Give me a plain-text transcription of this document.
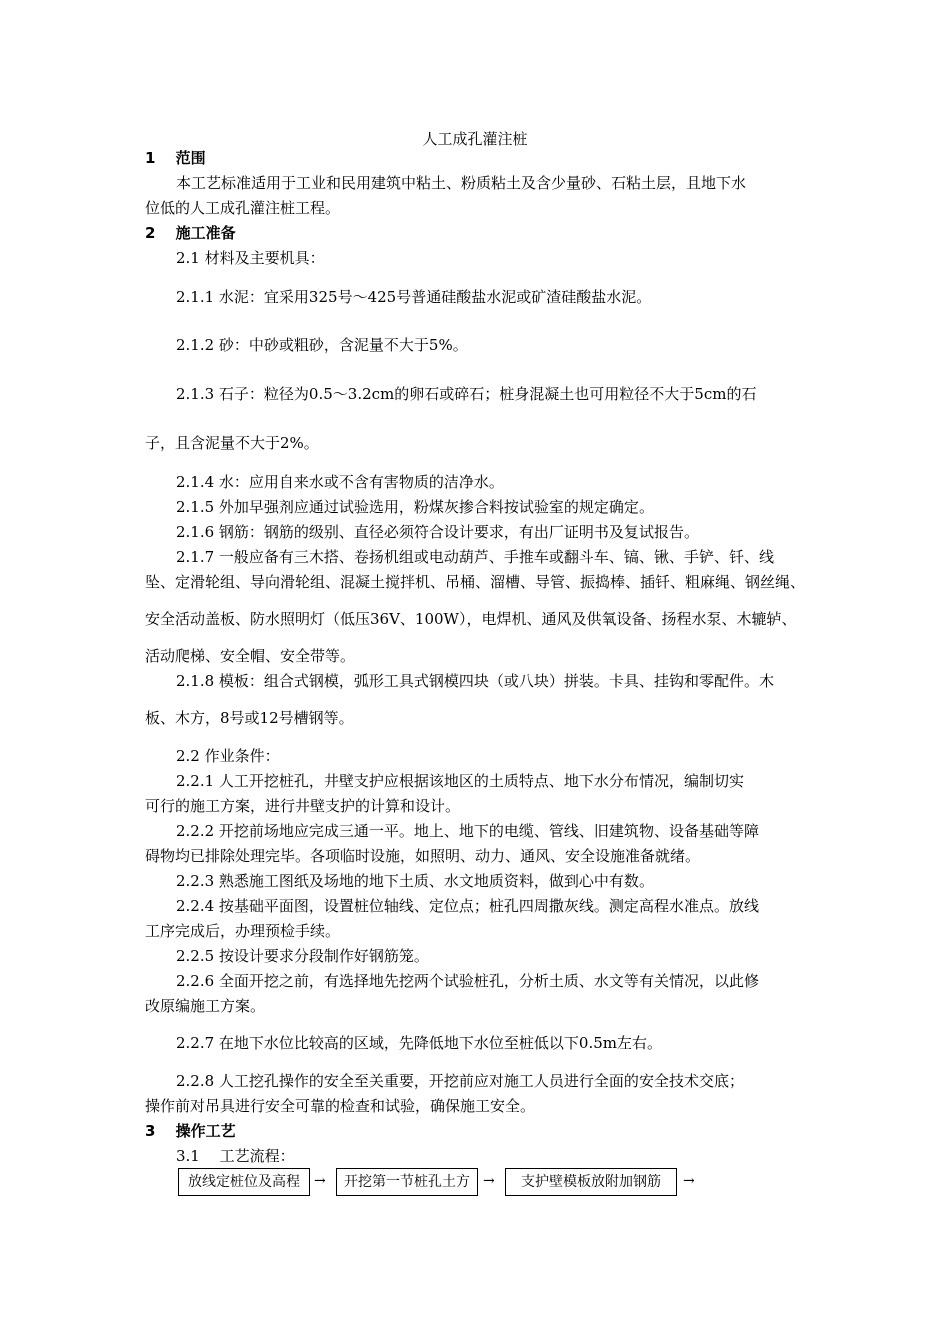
人工成孔灌注桩
1　 范围
本工艺标准适用于工业和民用建筑中粘土、粉质粘土及含少量砂、石粘土层，且地下水
位低的人工成孔灌注桩工程。
2　 施工准备
2.1 材料及主要机具：
2.1.1 水泥：宜采用325号～425号普通硅酸盐水泥或矿渣硅酸盐水泥。
2.1.2 砂：中砂或粗砂，含泥量不大于5%。
2.1.3 石子：粒径为0.5～3.2cm的卵石或碎石；桩身混凝土也可用粒径不大于5cm的石
子，且含泥量不大于2%。
2.1.4 水：应用自来水或不含有害物质的洁净水。
2.1.5 外加早强剂应通过试验选用，粉煤灰掺合料按试验室的规定确定。
2.1.6 钢筋：钢筋的级别、直径必须符合设计要求，有出厂证明书及复试报告。
2.1.7 一般应备有三木搭、卷扬机组或电动葫芦、手推车或翻斗车、镐、锹、手铲、钎、线
坠、定滑轮组、导向滑轮组、混凝土搅拌机、吊桶、溜槽、导管、振捣棒、插钎、粗麻绳、钢丝绳、
安全活动盖板、防水照明灯（低压36V、100W），电焊机、通风及供氧设备、扬程水泵、木辘轳、
活动爬梯、安全帽、安全带等。
2.1.8 模板：组合式钢模，弧形工具式钢模四块（或八块）拼装。卡具、挂钩和零配件。木
板、木方，8号或12号槽钢等。
2.2 作业条件：
2.2.1 人工开挖桩孔，井壁支护应根据该地区的土质特点、地下水分布情况，编制切实
可行的施工方案，进行井壁支护的计算和设计。
2.2.2 开挖前场地应完成三通一平。地上、地下的电缆、管线、旧建筑物、设备基础等障
碍物均已排除处理完毕。各项临时设施，如照明、动力、通风、安全设施准备就绪。
2.2.3 熟悉施工图纸及场地的地下土质、水文地质资料，做到心中有数。
2.2.4 按基础平面图，设置桩位轴线、定位点；桩孔四周撒灰线。测定高程水准点。放线
工序完成后，办理预检手续。
2.2.5 按设计要求分段制作好钢筋笼。
2.2.6 全面开挖之前，有选择地先挖两个试验桩孔，分析土质、水文等有关情况，以此修
改原编施工方案。
2.2.7 在地下水位比较高的区域，先降低地下水位至桩低以下0.5m左右。
2.2.8 人工挖孔操作的安全至关重要，开挖前应对施工人员进行全面的安全技术交底；
操作前对吊具进行安全可靠的检查和试验，确保施工安全。
3　 操作工艺
3.1　 工艺流程：
放线定桩位及高程	→	开挖第一节桩孔土方 →	支护壁模板放附加钢筋	→
